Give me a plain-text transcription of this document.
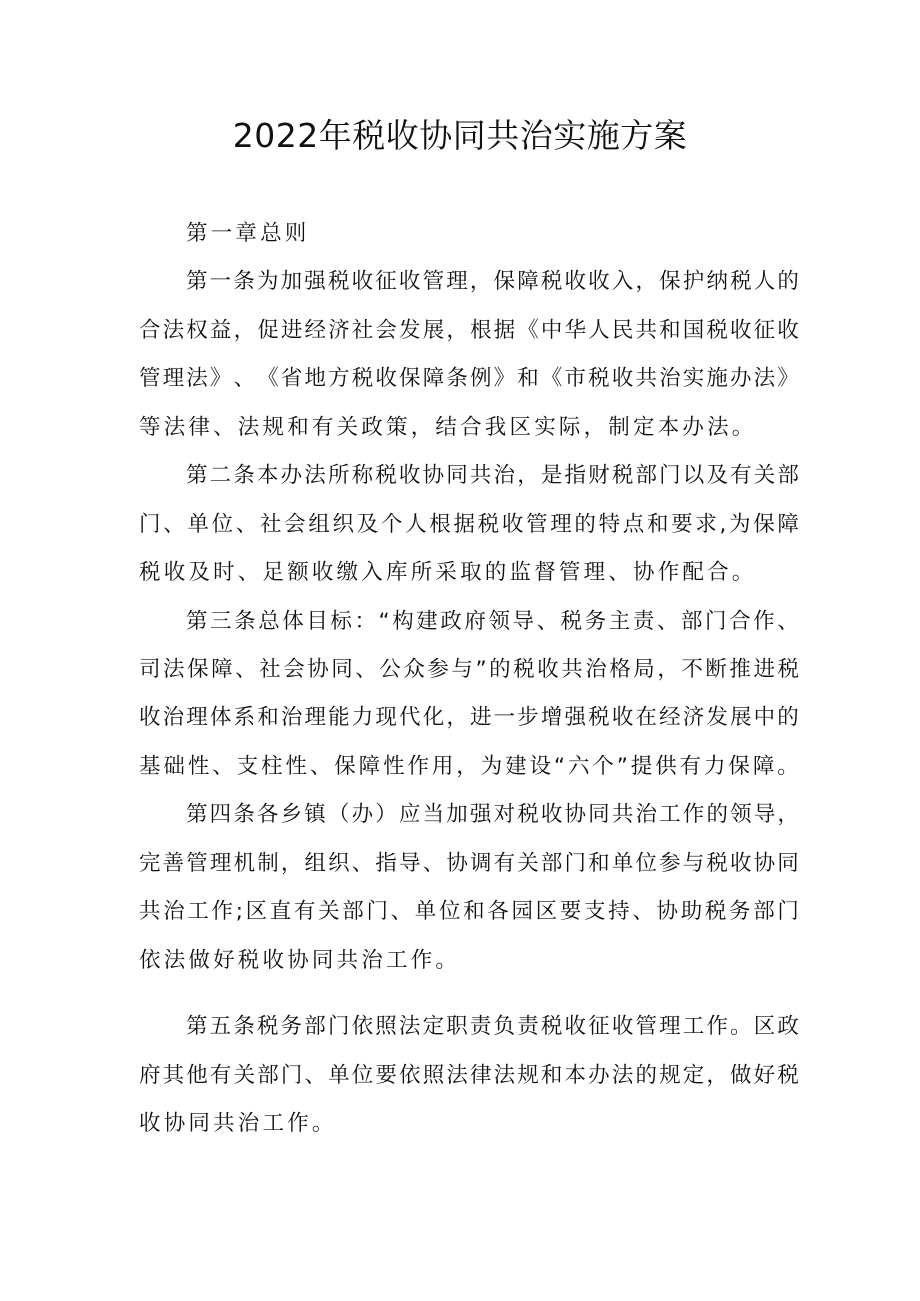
2022年税收协同共治实施方案
第一章总则
第 一 条 为 加 强 税 收 征 收 管 理 ， 保 障 税 收 收 入 ， 保 护 纳 税 人 的
合 法 权 益 ， 促 进 经 济 社 会 发 展 ， 根 据 《 中 华 人 民 共 和 国 税 收 征 收
管 理 法 》 、 《 省 地 方 税 收 保 障 条 例 》 和 《 市 税 收 共 治 实 施 办 法 》
等法律、法规和有关政策，结合我区实际，制定本办法。
第 二 条 本 办 法 所 称 税 收 协 同 共 治 ， 是 指 财 税 部 门 以 及 有 关 部
门 、 单 位 、 社 会 组 织 及 个 人 根 据 税 收 管 理 的 特 点 和 要 求 , 为 保 障
税收及时、足额收缴入库所采取的监督管理、协作配合。
第 三 条 总 体 目 标 ： “ 构 建 政 府 领 导 、 税 务 主 责 、 部 门 合 作 、
司 法 保 障 、 社 会 协 同 、 公 众 参 与 ” 的 税 收 共 治 格 局 ， 不 断 推 进 税
收 治 理 体 系 和 治 理 能 力 现 代 化 ， 进 一 步 增 强 税 收 在 经 济 发 展 中 的
基 础 性 、 支 柱 性 、 保 障 性 作 用 ， 为 建 设 “ 六 个 ” 提 供 有 力 保 障 。
第 四 条 各 乡 镇 （ 办 ） 应 当 加 强 对 税 收 协 同 共 治 工 作 的 领 导 ，
完 善 管 理 机 制 ， 组 织 、 指 导 、 协 调 有 关 部 门 和 单 位 参 与 税 收 协 同
共 治 工 作 ; 区 直 有 关 部 门 、 单 位 和 各 园 区 要 支 持 、 协 助 税 务 部 门
依法做好税收协同共治工作。
第 五 条 税 务 部 门 依 照 法 定 职 责 负 责 税 收 征 收 管 理 工 作 。 区 政
府 其 他 有 关 部 门 、 单 位 要 依 照 法 律 法 规 和 本 办 法 的 规 定 ， 做 好 税
收协同共治工作。
